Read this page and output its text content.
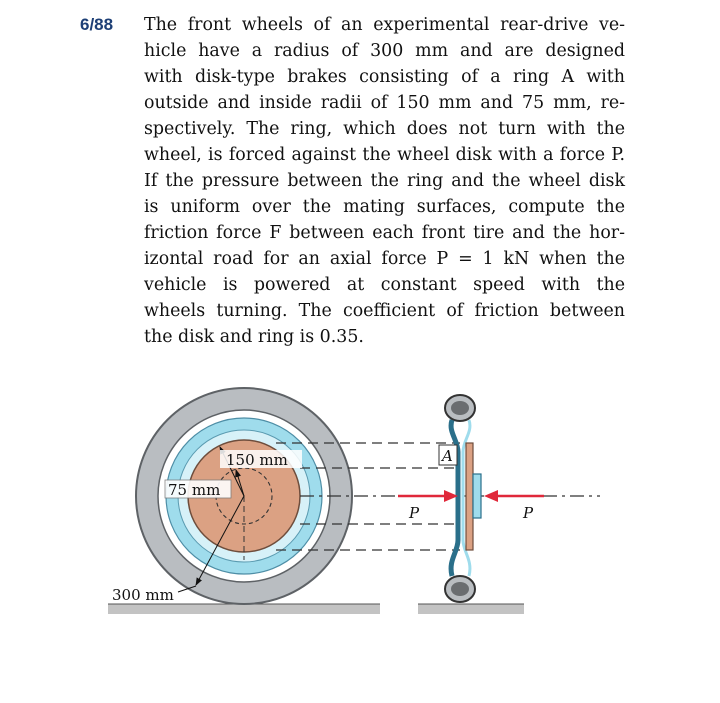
6/88 The front wheels of an experimental rear-drive ve-
hicle have a radius of 300 mm and are designed
with disk-type brakes consisting of a ring A with
outside and inside radii of 150 mm and 75 mm, re-
spectively. The ring, which does not turn with the
wheel, is forced against the wheel disk with a force P.
If the pressure between the ring and the wheel disk
is uniform over the mating surfaces, compute the
friction force F between each front tire and the hor-
izontal road for an axial force P = 1 kN when the
vehicle is powered at constant speed with the
wheels turning. The coefficient of friction between
the disk and ring is 0.35.
150 mm
75 mm
300 mm
A
P	P
